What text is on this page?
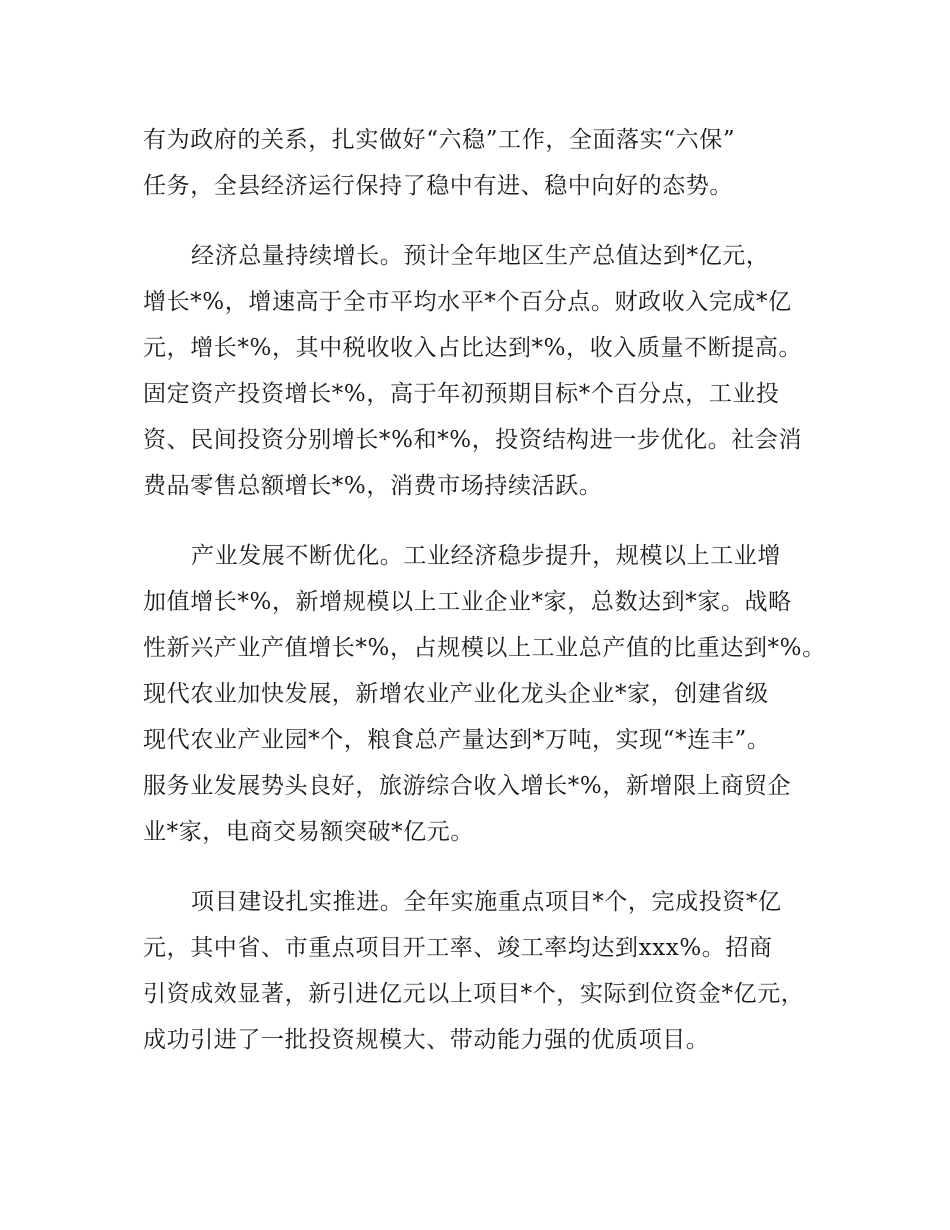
有为政府的关系，扎实做好“六稳”工作，全面落实“六保”
任务，全县经济运行保持了稳中有进、稳中向好的态势。
经济总量持续增长。预计全年地区生产总值达到*亿元，
增长*%，增速高于全市平均水平*个百分点。财政收入完成*亿
元，增长*%，其中税收收入占比达到*%，收入质量不断提高。
固定资产投资增长*%，高于年初预期目标*个百分点，工业投
资、民间投资分别增长*%和*%，投资结构进一步优化。社会消
费品零售总额增长*%，消费市场持续活跃。
产业发展不断优化。工业经济稳步提升，规模以上工业增
加值增长*%，新增规模以上工业企业*家，总数达到*家。战略
性新兴产业产值增长*%，占规模以上工业总产值的比重达到*%。
现代农业加快发展，新增农业产业化龙头企业*家，创建省级
现代农业产业园*个，粮食总产量达到*万吨，实现“*连丰”。
服务业发展势头良好，旅游综合收入增长*%，新增限上商贸企
业*家，电商交易额突破*亿元。
项目建设扎实推进。全年实施重点项目*个，完成投资*亿
元，其中省、市重点项目开工率、竣工率均达到xxx%。招商
引资成效显著，新引进亿元以上项目*个，实际到位资金*亿元，
成功引进了一批投资规模大、带动能力强的优质项目。
